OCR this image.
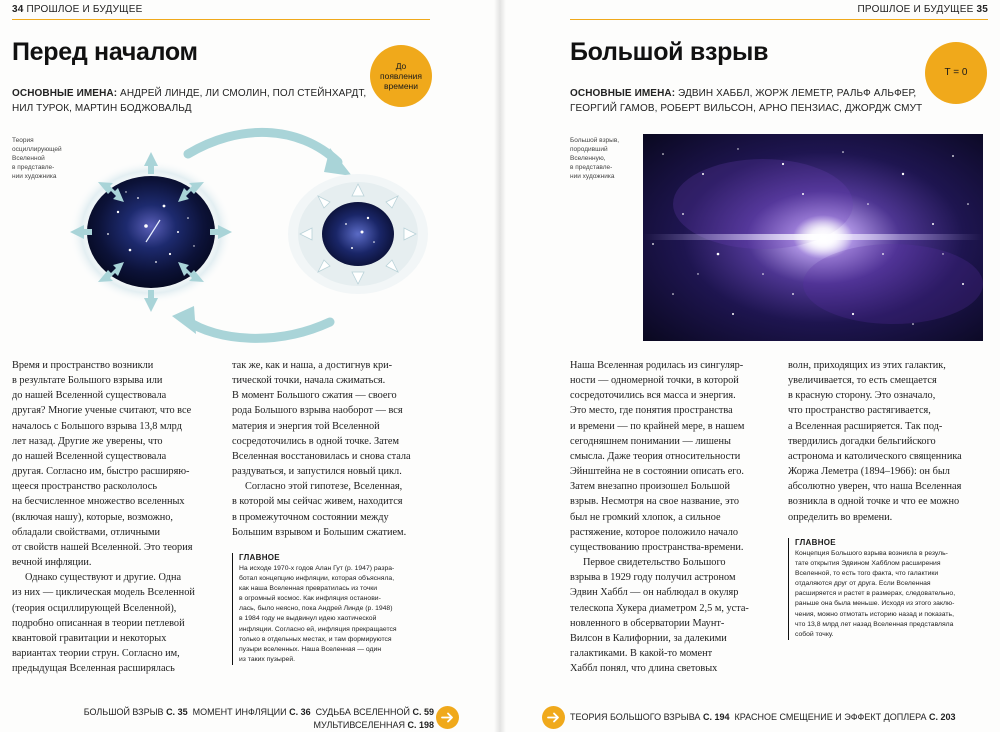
34 ПРОШЛОЕ И БУДУЩЕЕ
Перед началом	До
появления
времени
ОСНОВНЫЕ ИМЕНА: АНДРЕЙ ЛИНДЕ, ЛИ СМОЛИН, ПОЛ СТЕЙНХАРДТ,
НИЛ ТУРОК, МАРТИН БОДЖОВАЛЬД
Теория
осциллирующей
Вселенной
в представле-
нии художника

Время и пространство возникли
в результате Большого взрыва или
до нашей Вселенной существовала
другая? Многие ученые считают, что все
началось с Большого взрыва 13,8 млрд
лет назад. Другие же уверены, что
до нашей Вселенной существовала
другая. Согласно им, быстро расширяю-
щееся пространство раскололось
на бесчисленное множество вселенных
(включая нашу), которые, возможно,
обладали свойствами, отличными
от свойств нашей Вселенной. Это теория
вечной инфляции.

Однако существуют и другие. Одна
из них — циклическая модель Вселенной
(теория осциллирующей Вселенной),
подробно описанная в теории петлевой
квантовой гравитации и некоторых
вариантах теории струн. Согласно им,
предыдущая Вселенная расширялась

так же, как и наша, а достигнув кри-
тической точки, начала сжиматься.
В момент Большого сжатия — своего
рода Большого взрыва наоборот — вся
материя и энергия той Вселенной
сосредоточились в одной точке. Затем
Вселенная восстановилась и снова стала
раздуваться, и запустился новый цикл.

Согласно этой гипотезе, Вселенная,
в которой мы сейчас живем, находится
в промежуточном состоянии между
Большим взрывом и Большим сжатием.

ГЛАВНОЕ
На исходе 1970-х годов Алан Гут (р. 1947) разра-
ботал концепцию инфляции, которая объясняла,
как наша Вселенная превратилась из точки
в огромный космос. Как инфляция останови-
лась, было неясно, пока Андрей Линде (р. 1948)
в 1984 году не выдвинул идею хаотической
инфляции. Согласно ей, инфляция прекращается
только в отдельных местах, и там формируются
пузыри вселенных. Наша Вселенная — один
из таких пузырей.
БОЛЬШОЙ ВЗРЫВ С. 35 МОМЕНТ ИНФЛЯЦИИ С. 36 СУДЬБА ВСЕЛЕННОЙ С. 59
МУЛЬТИВСЕЛЕННАЯ С. 198
ПРОШЛОЕ И БУДУЩЕЕ 35
Большой взрыв
T = 0
ОСНОВНЫЕ ИМЕНА: ЭДВИН ХАББЛ, ЖОРЖ ЛЕМЕТР, РАЛЬФ АЛЬФЕР,
ГЕОРГИЙ ГАМОВ, РОБЕРТ ВИЛЬСОН, АРНО ПЕНЗИАС, ДЖОРДЖ СМУТ
Большой взрыв,
породивший
Вселенную,
в представле-
нии художника

Наша Вселенная родилась из сингуляр-
ности — одномерной точки, в которой
сосредоточились вся масса и энергия.
Это место, где понятия пространства
и времени — по крайней мере, в нашем
сегодняшнем понимании — лишены
смысла. Даже теория относительности
Эйнштейна не в состоянии описать его.
Затем внезапно произошел Большой
взрыв. Несмотря на свое название, это
был не громкий хлопок, а сильное
растяжение, которое положило начало
существованию пространства-времени.

Первое свидетельство Большого
взрыва в 1929 году получил астроном
Эдвин Хаббл — он наблюдал в окуляр
телескопа Хукера диаметром 2,5 м, уста-
новленного в обсерватории Маунт-
Вилсон в Калифорнии, за далекими
галактиками. В какой-то момент
Хаббл понял, что длина световых

волн, приходящих из этих галактик,
увеличивается, то есть смещается
в красную сторону. Это означало,
что пространство растягивается,
а Вселенная расширяется. Так под-
твердились догадки бельгийского
астронома и католического священника
Жоржа Леметра (1894–1966): он был
абсолютно уверен, что наша Вселенная
возникла в одной точке и что ее можно
определить во времени.

ГЛАВНОЕ
Концепция Большого взрыва возникла в резуль-
тате открытия Эдвином Хабблом расширения
Вселенной, то есть того факта, что галактики
отдаляются друг от друга. Если Вселенная
расширяется и растет в размерах, следовательно,
раньше она была меньше. Исходя из этого заклю-
чения, можно отмотать историю назад и показать,
что 13,8 млрд лет назад Вселенная представляла
собой точку.
ТЕОРИЯ БОЛЬШОГО ВЗРЫВА С. 194 КРАСНОЕ СМЕЩЕНИЕ И ЭФФЕКТ ДОПЛЕРА С. 203
